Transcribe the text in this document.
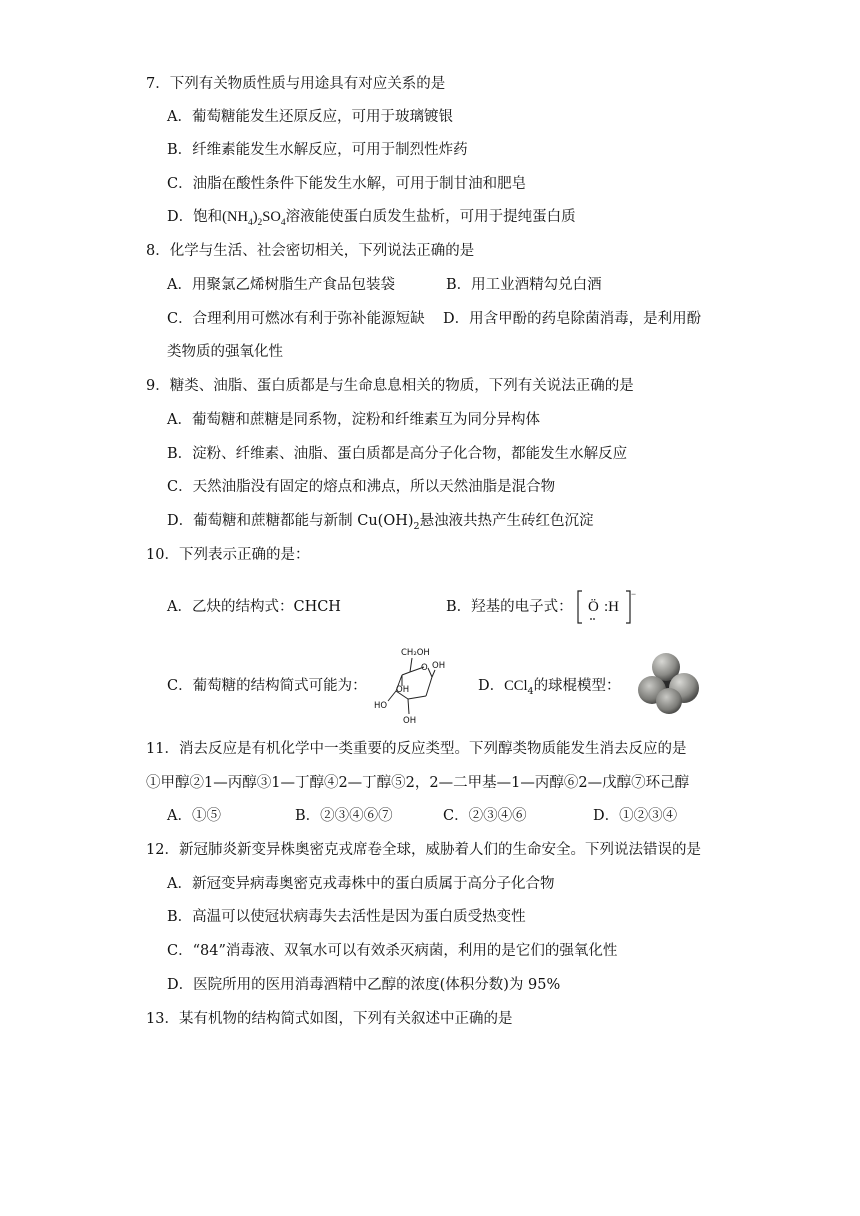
7．下列有关物质性质与用途具有对应关系的是
A．葡萄糖能发生还原反应，可用于玻璃镀银
B．纤维素能发生水解反应，可用于制烈性炸药
C．油脂在酸性条件下能发生水解，可用于制甘油和肥皂
D．饱和$(NH_4)_2SO_4$溶液能使蛋白质发生盐析，可用于提纯蛋白质
8．化学与生活、社会密切相关，下列说法正确的是
A．用聚氯乙烯树脂生产食品包装袋	B．用工业酒精勾兑白酒
C．合理利用可燃冰有利于弥补能源短缺 D．用含甲酚的药皂除菌消毒，是利用酚
类物质的强氧化性
9．糖类、油脂、蛋白质都是与生命息息相关的物质，下列有关说法正确的是
A．葡萄糖和蔗糖是同系物，淀粉和纤维素互为同分异构体
B．淀粉、纤维素、油脂、蛋白质都是高分子化合物，都能发生水解反应
C．天然油脂没有固定的熔点和沸点，所以天然油脂是混合物
D．葡萄糖和蔗糖都能与新制 $Cu(OH)_2$悬浊液共热产生砖红色沉淀
10．下列表示正确的是：
A．乙炔的结构式：CHCH	B．羟基的电子式： Ö :H
−
C．葡萄糖的结构简式可能为：
CH₂OH
O OH
OH
OH
HO
D．CCl$_4$的球棍模型：
11．消去反应是有机化学中一类重要的反应类型。下列醇类物质能发生消去反应的是
①甲醇②1—丙醇③1—丁醇④2—丁醇⑤2，2—二甲基—1—丙醇⑥2—戊醇⑦环己醇
A．①⑤	B．②③④⑥⑦	C．②③④⑥	D．①②③④
12．新冠肺炎新变异株奥密克戎席卷全球，威胁着人们的生命安全。下列说法错误的是
A．新冠变异病毒奥密克戎毒株中的蛋白质属于高分子化合物
B．高温可以使冠状病毒失去活性是因为蛋白质受热变性
C．“84”消毒液、双氧水可以有效杀灭病菌，利用的是它们的强氧化性
D．医院所用的医用消毒酒精中乙醇的浓度(体积分数)为 95%
13．某有机物的结构简式如图，下列有关叙述中正确的是
